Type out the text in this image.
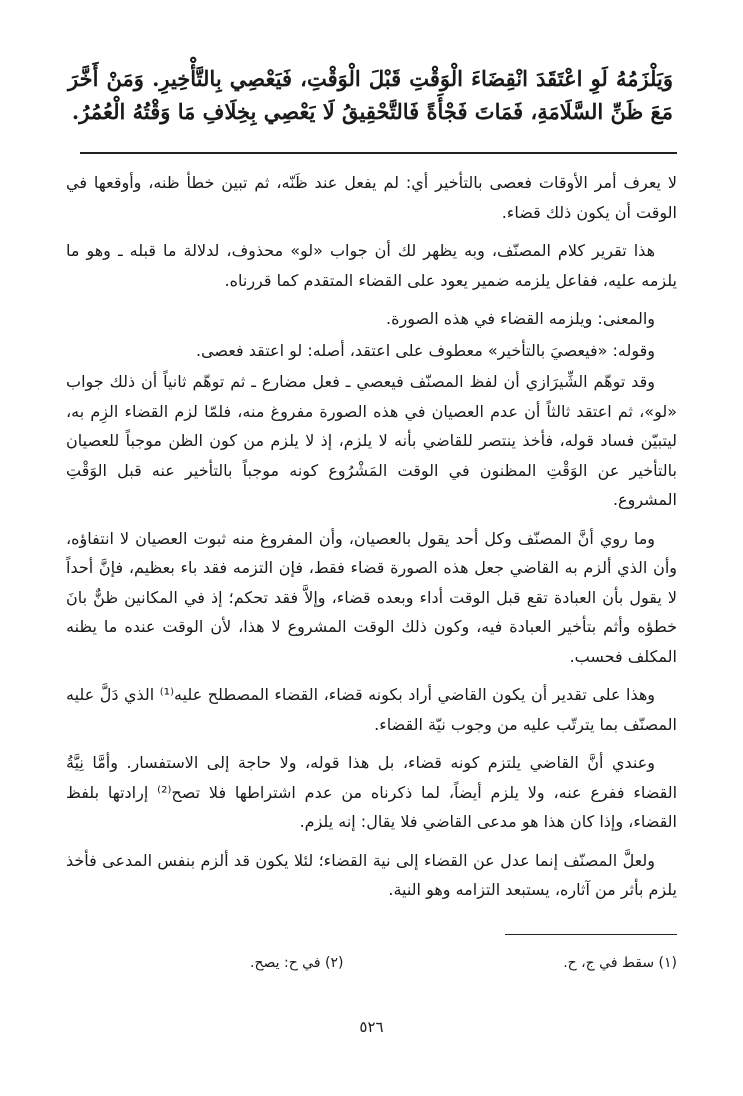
وَيَلْزَمُهُ لَوِ اعْتَقَدَ انْقِضَاءَ الْوَقْتِ قَبْلَ الْوَقْتِ، فَيَعْصِي بِالتَّأْخِيرِ. وَمَنْ أَخَّرَ مَعَ ظَنِّ السَّلَامَةِ، فَمَاتَ فَجْأَةً فَالتَّحْقِيقُ لَا يَعْصِي بِخِلَافِ مَا وَقْتُهُ الْعُمُرُ.

لا يعرف أمر الأوقات فعصى بالتأخير أي: لم يفعل عند ظَنّه، ثم تبين خطأ ظنه، وأوقعها في الوقت أن يكون ذلك قضاء.

هذا تقرير كلام المصنّف، وبه يظهر لك أن جواب «لو» محذوف، لدلالة ما قبله ـ وهو ما يلزمه عليه، ففاعل يلزمه ضمير يعود على القضاء المتقدم كما قررناه.

والمعنى: ويلزمه القضاء في هذه الصورة.

وقوله: «فيعصيَ بالتأخير» معطوف على اعتقد، أصله: لو اعتقد فعصى.

وقد توهّم الشِّيرَازي أن لفظ المصنّف فيعصي ـ فعل مضارع ـ ثم توهّم ثانياً أن ذلك جواب «لو»، ثم اعتقد ثالثاً أن عدم العصيان في هذه الصورة مفروغ منه، فلمّا لزم القضاء الزِم به، ليتبيّن فساد قوله، فأخذ ينتصر للقاضي بأنه لا يلزم، إذ لا يلزم من كون الظن موجباً للعصيان بالتأخير عن الوَقْتِ المظنون في الوقت المَشْرُوع كونه موجباً بالتأخير عنه قبل الوَقْتِ المشروع.

وما روي أنَّ المصنّف وكل أحد يقول بالعصيان، وأن المفروغ منه ثبوت العصيان لا انتفاؤه، وأن الذي ألزم به القاضي جعل هذه الصورة قضاء فقط، فإن التزمه فقد باء بعظيم، فإنَّ أحداً لا يقول بأن العبادة تقع قبل الوقت أداء وبعده قضاء، وإلاَّ فقد تحكم؛ إذ في المكانين ظنٌّ بانَ خطؤه وأثم بتأخير العبادة فيه، وكون ذلك الوقت المشروع لا هذا، لأن الوقت عنده ما يظنه المكلف فحسب.

وهذا على تقدير أن يكون القاضي أراد بكونه قضاء، القضاء المصطلح عليه⁽¹⁾ الذي دَلَّ عليه المصنّف بما يترتّب عليه من وجوب نيّة القضاء.

وعندي أنَّ القاضي يلتزم كونه قضاء، بل هذا قوله، ولا حاجة إلى الاستفسار. وأمَّا نِيَّةُ القضاء ففرع عنه، ولا يلزم أيضاً، لما ذكرناه من عدم اشتراطها فلا تصح⁽²⁾ إرادتها بلفظ القضاء، وإذا كان هذا هو مدعى القاضي فلا يقال: إنه يلزم.

ولعلَّ المصنّف إنما عدل عن القضاء إلى نية القضاء؛ لئلا يكون قد ألزم بنفس المدعى فأخذ يلزم بأثر من آثاره، يستبعد التزامه وهو النية.

(١) سقط في ج، ح.
(٢) في ح: يصح.
٥٢٦
